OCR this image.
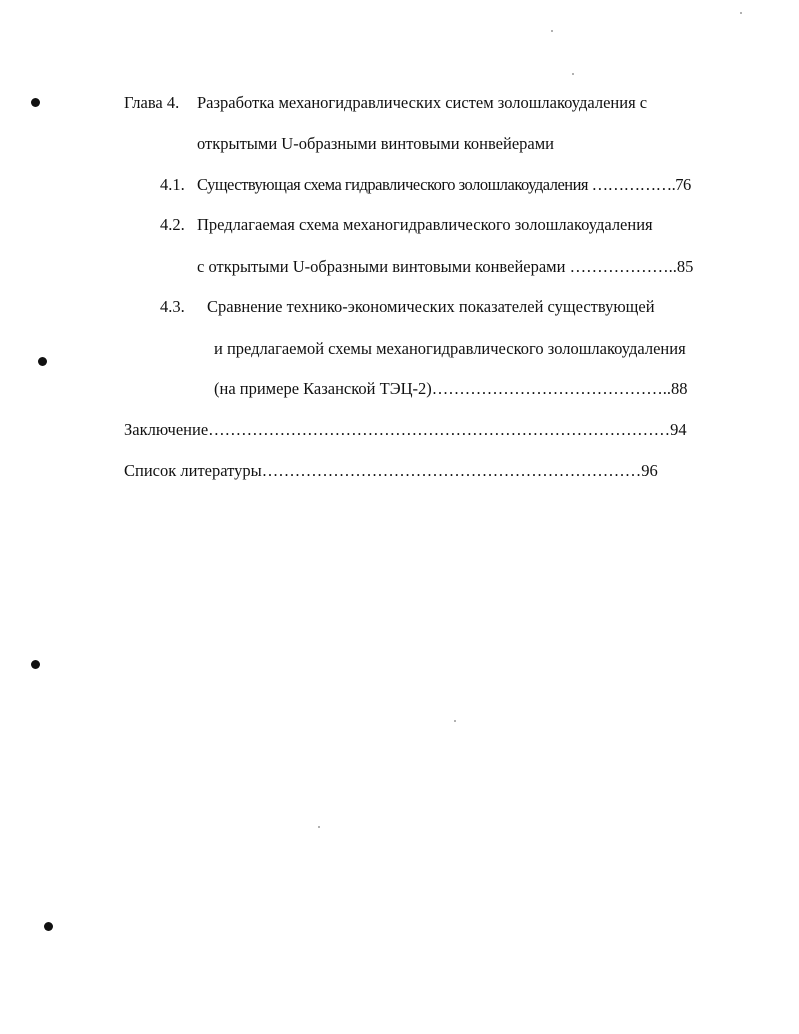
Глава 4. Разработка механогидравлических систем золошлакоудаления с
открытыми U-образными винтовыми конвейерами
4.1. Существующая схема гидравлического золошлакоудаления …………….76
4.2. Предлагаемая схема механогидравлического золошлакоудаления
с открытыми U-образными винтовыми конвейерами ………………..85
4.3. Сравнение технико-экономических показателей существующей
и предлагаемой схемы механогидравлического золошлакоудаления
(на примере Казанской ТЭЦ-2)……………………………………..88
Заключение…………………………………………………………………………94
Список литературы……………………………………………………………96
